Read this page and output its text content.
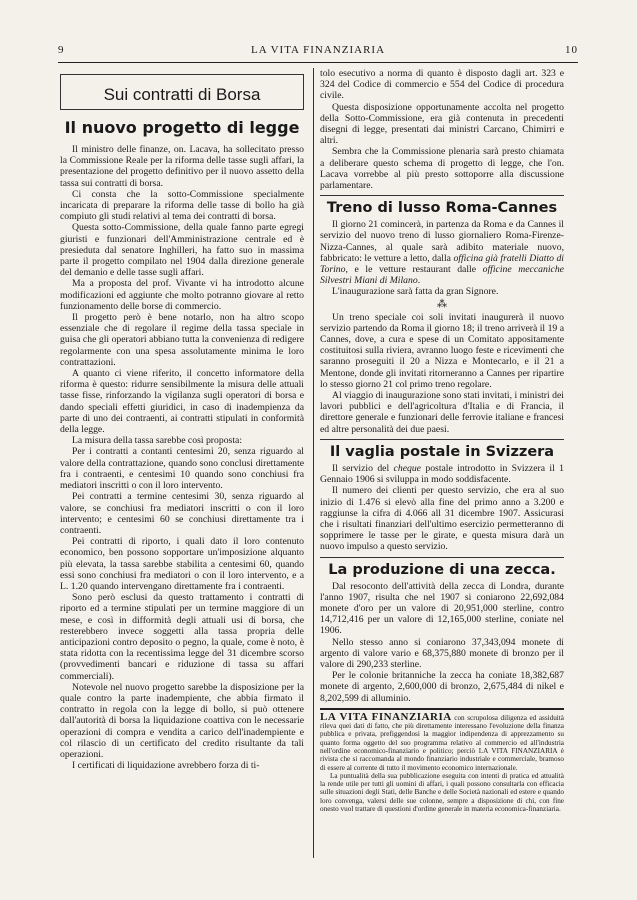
9	LA VITA FINANZIARIA	10
Sui contratti di Borsa
Il nuovo progetto di legge

Il ministro delle finanze, on. Lacava, ha sollecitato presso la Commissione Reale per la riforma delle tasse sugli affari, la presentazione del progetto definitivo per il nuovo assetto della tassa sui contratti di borsa.

Ci consta che la sotto-Commissione specialmente incaricata di preparare la riforma delle tasse di bollo ha già compiuto gli studi relativi al tema dei contratti di borsa.

Questa sotto-Commissione, della quale fanno parte egregi giuristi e funzionari dell'Amministrazione centrale ed è presieduta dal senatore Inghilleri, ha fatto suo in massima parte il progetto compilato nel 1904 dalla direzione generale del demanio e delle tasse sugli affari.

Ma a proposta del prof. Vivante vi ha introdotto alcune modificazioni ed aggiunte che molto potranno giovare al retto funzionamento delle borse di commercio.

Il progetto però è bene notarlo, non ha altro scopo essenziale che di regolare il regime della tassa speciale in guisa che gli operatori abbiano tutta la convenienza di redigere regolarmente con una spesa assolutamente minima le loro contrattazioni.

A quanto ci viene riferito, il concetto informatore della riforma è questo: ridurre sensibilmente la misura delle attuali tasse fisse, rinforzando la vigilanza sugli operatori di borsa e dando speciali effetti giuridici, in caso di inadempienza da parte di uno dei contraenti, ai contratti stipulati in conformità della legge.

La misura della tassa sarebbe così proposta:

Per i contratti a contanti centesimi 20, senza riguardo al valore della contrattazione, quando sono conclusi direttamente fra i contraenti, e centesimi 10 quando sono conchiusi fra mediatori inscritti o con il loro intervento.

Pei contratti a termine centesimi 30, senza riguardo al valore, se conchiusi fra mediatori inscritti o con il loro intervento; e centesimi 60 se conchiusi direttamente tra i contraenti.

Pei contratti di riporto, i quali dato il loro contenuto economico, ben possono sopportare un'imposizione alquanto più elevata, la tassa sarebbe stabilita a centesimi 60, quando essi sono conchiusi fra mediatori o con il loro intervento, e a L. 1.20 quando intervengano direttamente fra i contraenti.

Sono però esclusi da questo trattamento i contratti di riporto ed a termine stipulati per un termine maggiore di un mese, e così in difformità degli attuali usi di borsa, che resterebbero invece soggetti alla tassa propria delle anticipazioni contro deposito o pegno, la quale, come è noto, è stata ridotta con la recentissima legge del 31 dicembre scorso (provvedimenti bancari e riduzione di tassa su affari commerciali).

Notevole nel nuovo progetto sarebbe la disposizione per la quale contro la parte inadempiente, che abbia firmato il contratto in regola con la legge di bollo, si può ottenere dall'autorità di borsa la liquidazione coattiva con le necessarie operazioni di compra e vendita a carico dell'inadempiente e col rilascio di un certificato del credito risultante da tali operazioni.

I certificati di liquidazione avrebbero forza di ti-

tolo esecutivo a norma di quanto è disposto dagli art. 323 e 324 del Codice di commercio e 554 del Codice di procedura civile.

Questa disposizione opportunamente accolta nel progetto della Sotto-Commissione, era già contenuta in precedenti disegni di legge, presentati dai ministri Carcano, Chimirri e altri.

Sembra che la Commissione plenaria sarà presto chiamata a deliberare questo schema di progetto di legge, che l'on. Lacava vorrebbe al più presto sottoporre alla discussione parlamentare.

Treno di lusso Roma-Cannes

Il giorno 21 comincerà, in partenza da Roma e da Cannes il servizio del nuovo treno di lusso giornaliero Roma-Firenze-Nizza-Cannes, al quale sarà adibito materiale nuovo, fabbricato: le vetture a letto, dalla officina già fratelli Diatto di Torino, e le vetture restaurant dalle officine meccaniche Silvestri Miani di Milano.

L'inaugurazione sarà fatta da gran Signore.

⁂

Un treno speciale coi soli invitati inaugurerà il nuovo servizio partendo da Roma il giorno 18; il treno arriverà il 19 a Cannes, dove, a cura e spese di un Comitato appositamente costituitosi sulla riviera, avranno luogo feste e ricevimenti che saranno proseguiti il 20 a Nizza e Montecarlo, e il 21 a Mentone, donde gli invitati ritorneranno a Cannes per ripartire lo stesso giorno 21 col primo treno regolare.

Al viaggio di inaugurazione sono stati invitati, i ministri dei lavori pubblici e dell'agricoltura d'Italia e di Francia, il direttore generale e funzionari delle ferrovie italiane e francesi ed altre personalità dei due paesi.

Il vaglia postale in Svizzera

Il servizio del cheque postale introdotto in Svizzera il 1 Gennaio 1906 si sviluppa in modo soddisfacente.

Il numero dei clienti per questo servizio, che era al suo inizio di 1.476 si elevò alla fine del primo anno a 3.200 e raggiunse la cifra di 4.066 all 31 dicembre 1907. Assicurasi che i risultati finanziari dell'ultimo esercizio permetteranno di sopprimere le tasse per le girate, e questa misura darà un nuovo impulso a questo servizio.

La produzione di una zecca.

Dal resoconto dell'attività della zecca di Londra, durante l'anno 1907, risulta che nel 1907 si coniarono 22,692,084 monete d'oro per un valore di 20,951,000 sterline, contro 14,712,416 per un valore di 12,165,000 sterline, coniate nel 1906.

Nello stesso anno si coniarono 37,343,094 monete di argento di valore vario e 68,375,880 monete di bronzo per il valore di 290,233 sterline.

Per le colonie britanniche la zecca ha coniate 18,382,687 monete di argento, 2,600,000 di bronzo, 2,675,484 di nikel e 8,202,599 di alluminio.

LA VITA FINANZIARIA con scrupolosa diligenza ed assiduità rileva quei dati di fatto, che più direttamente interessano l'evoluzione della finanza pubblica e privata, prefiggendosi la maggior indipendenza di apprezzamento su quanto forma oggetto del suo programma relativo al commercio ed all'industria nell'ordine economico-finanziario e politico; perciò LA VITA FINANZIARIA è rivista che si raccomanda al mondo finanziario industriale e commerciale, bramoso di essere al corrente di tutto il movimento economico internazionale.

La puntualità della sua pubblicazione eseguita con intenti di pratica ed attualità la rende utile per tutti gli uomini di affari, i quali possono consultarla con efficacia sulle situazioni degli Stati, delle Banche e delle Società nazionali ed estere e quando loro convenga, valersi delle sue colonne, sempre a disposizione di chi, con fine onesto vuol trattare di questioni d'ordine generale in materia economica-finanziaria.
